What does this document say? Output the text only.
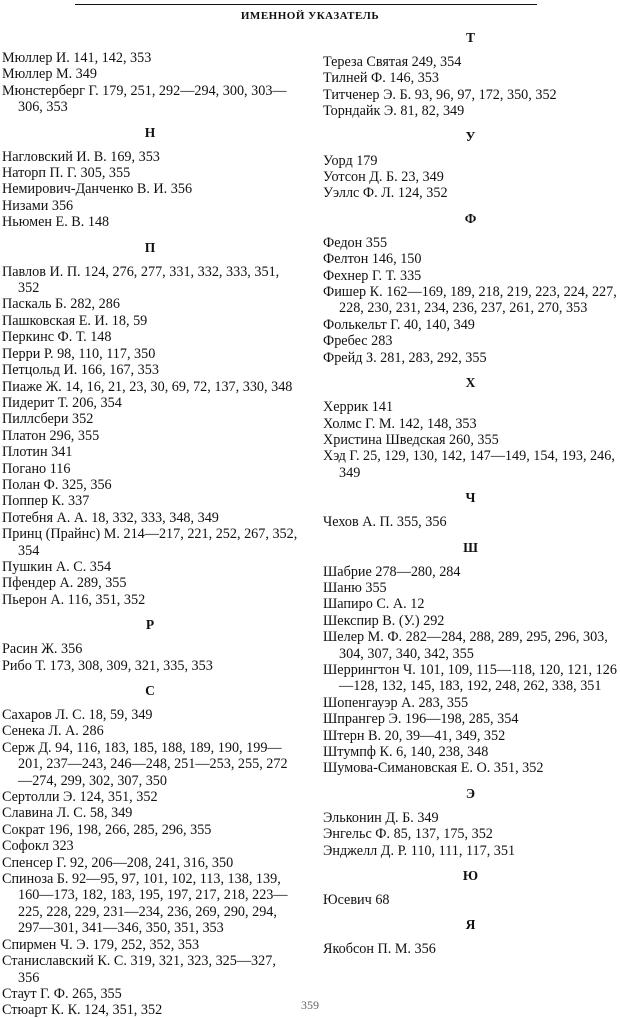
ИМЕННОЙ УКАЗАТЕЛЬ
Мюллер И. 141, 142, 353
Мюллер М. 349
Мюнстерберг Г. 179, 251, 292—294, 300, 303—306, 353
Н
Нагловский И. В. 169, 353
Наторп П. Г. 305, 355
Немирович-Данченко В. И. 356
Низами 356
Ньюмен Е. В. 148
П
Павлов И. П. 124, 276, 277, 331, 332, 333, 351, 352
Паскаль Б. 282, 286
Пашковская Е. И. 18, 59
Перкинс Ф. Т. 148
Перри Р. 98, 110, 117, 350
Петцольд И. 166, 167, 353
Пиаже Ж. 14, 16, 21, 23, 30, 69, 72, 137, 330, 348
Пидерит Т. 206, 354
Пиллсбери 352
Платон 296, 355
Плотин 341
Погано 116
Полан Ф. 325, 356
Поппер К. 337
Потебня А. А. 18, 332, 333, 348, 349
Принц (Прайнс) М. 214—217, 221, 252, 267, 352, 354
Пушкин А. С. 354
Пфендер А. 289, 355
Пьерон А. 116, 351, 352
Р
Расин Ж. 356
Рибо Т. 173, 308, 309, 321, 335, 353
С
Сахаров Л. С. 18, 59, 349
Сенека Л. А. 286
Серж Д. 94, 116, 183, 185, 188, 189, 190, 199—201, 237—243, 246—248, 251—253, 255, 272—274, 299, 302, 307, 350
Сертолли Э. 124, 351, 352
Славина Л. С. 58, 349
Сократ 196, 198, 266, 285, 296, 355
Софокл 323
Спенсер Г. 92, 206—208, 241, 316, 350
Спиноза Б. 92—95, 97, 101, 102, 113, 138, 139, 160—173, 182, 183, 195, 197, 217, 218, 223—225, 228, 229, 231—234, 236, 269, 290, 294, 297—301, 341—346, 350, 351, 353
Спирмен Ч. Э. 179, 252, 352, 353
Станиславский К. С. 319, 321, 323, 325—327, 356
Стаут Г. Ф. 265, 355
Стюарт К. К. 124, 351, 352
Т
Тереза Святая 249, 354
Тилней Ф. 146, 353
Титченер Э. Б. 93, 96, 97, 172, 350, 352
Торндайк Э. 81, 82, 349
У
Уорд 179
Уотсон Д. Б. 23, 349
Уэллс Ф. Л. 124, 352
Ф
Федон 355
Фелтон 146, 150
Фехнер Г. Т. 335
Фишер К. 162—169, 189, 218, 219, 223, 224, 227, 228, 230, 231, 234, 236, 237, 261, 270, 353
Фолькельт Г. 40, 140, 349
Фребес 283
Фрейд З. 281, 283, 292, 355
Х
Херрик 141
Холмс Г. М. 142, 148, 353
Христина Шведская 260, 355
Хэд Г. 25, 129, 130, 142, 147—149, 154, 193, 246, 349
Ч
Чехов А. П. 355, 356
Ш
Шабрие 278—280, 284
Шаню 355
Шапиро С. А. 12
Шекспир В. (У.) 292
Шелер М. Ф. 282—284, 288, 289, 295, 296, 303, 304, 307, 340, 342, 355
Шеррингтон Ч. 101, 109, 115—118, 120, 121, 126—128, 132, 145, 183, 192, 248, 262, 338, 351
Шопенгауэр А. 283, 355
Шпрангер Э. 196—198, 285, 354
Штерн В. 20, 39—41, 349, 352
Штумпф К. 6, 140, 238, 348
Шумова-Симановская Е. О. 351, 352
Э
Эльконин Д. Б. 349
Энгельс Ф. 85, 137, 175, 352
Энджелл Д. Р. 110, 111, 117, 351
Ю
Юсевич 68
Я
Якобсон П. М. 356
359
